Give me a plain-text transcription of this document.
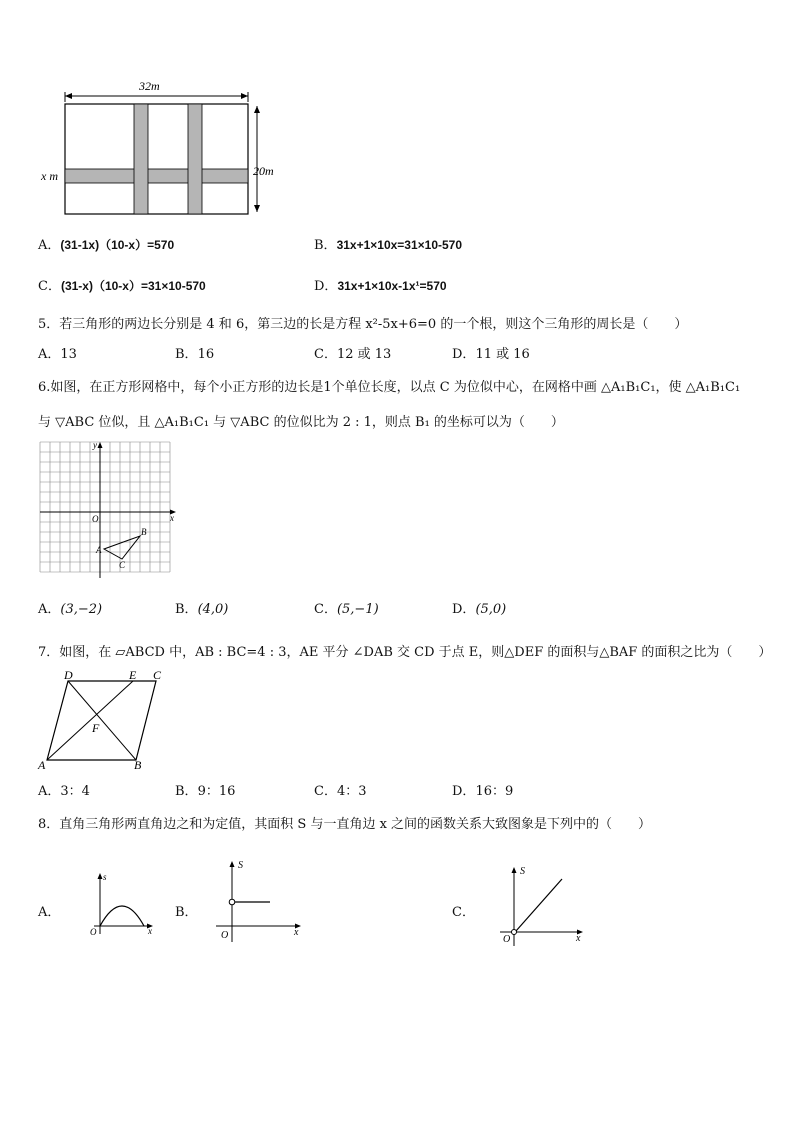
32m
20m
x m
A．(31-1x)（10-x）=570	B．31x+1×10x=31×10-570
C．(31-x)（10-x）=31×10-570	D．31x+1×10x-1x¹=570
5．若三角形的两边长分别是 4 和 6，第三边的长是方程 x²-5x+6=0 的一个根，则这个三角形的周长是（　　）
A．13	B．16	C．12 或 13	D．11 或 16
6.如图，在正方形网格中，每个小正方形的边长是1个单位长度，以点 C 为位似中心，在网格中画 △A₁B₁C₁，使 △A₁B₁C₁
与 ▽ABC 位似，且 △A₁B₁C₁ 与 ▽ABC 的位似比为 2 : 1，则点 B₁ 的坐标可以为（　　）
x
y
O
A
B
C
A．(3,−2)	B．(4,0)	C．(5,−1)	D．(5,0)
7．如图，在 ▱ABCD 中，AB : BC=4 : 3，AE 平分 ∠DAB 交 CD 于点 E，则△DEF 的面积与△BAF 的面积之比为（　　）
D	E C
F
A	B
A．3：4	B．9：16	C．4：3	D．16：9
8．直角三角形两直角边之和为定值，其面积 S 与一直角边 x 之间的函数关系大致图象是下列中的（　　）
A．
s
x
O
B．
S
x
O
C．
S
x
O
